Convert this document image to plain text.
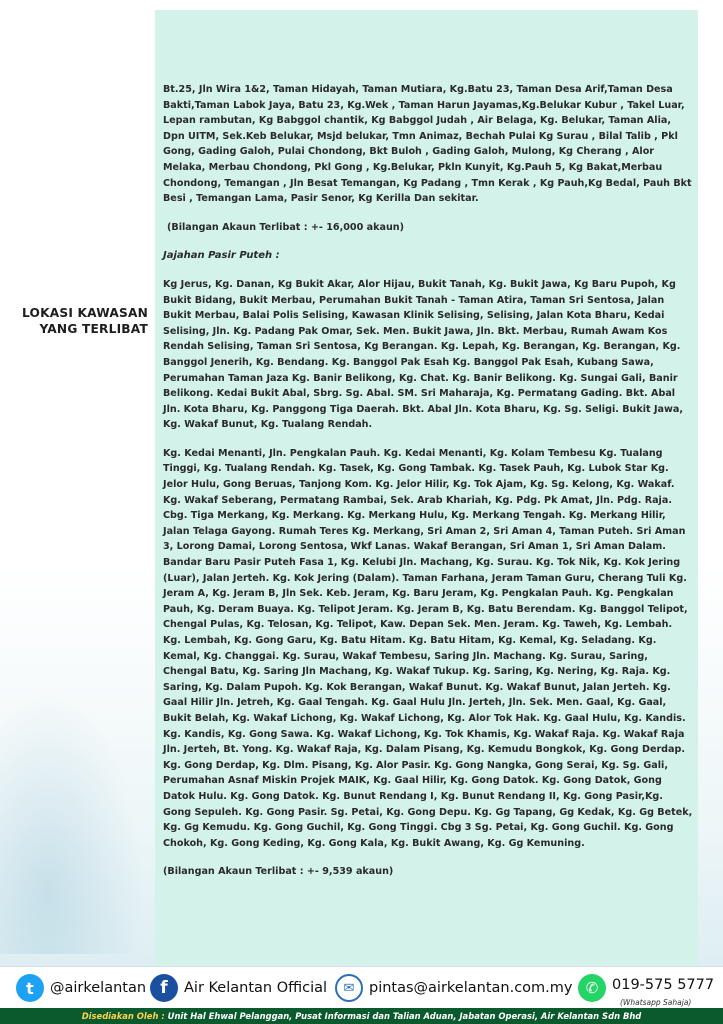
LOKASI KAWASAN
YANG TERLIBAT

Bt.25, Jln Wira 1&2, Taman Hidayah, Taman Mutiara, Kg.Batu 23, Taman Desa Arif,Taman Desa Bakti,Taman Labok Jaya, Batu 23, Kg.Wek , Taman Harun Jayamas,Kg.Belukar Kubur , Takel Luar, Lepan rambutan, Kg Babggol chantik, Kg Babggol Judah , Air Belaga, Kg. Belukar, Taman Alia, Dpn UITM, Sek.Keb Belukar, Msjd belukar, Tmn Animaz, Bechah Pulai Kg Surau , Bilal Talib , Pkl Gong, Gading Galoh, Pulai Chondong, Bkt Buloh , Gading Galoh, Mulong, Kg Cherang , Alor Melaka, Merbau Chondong, Pkl Gong , Kg.Belukar, Pkln Kunyit, Kg.Pauh 5, Kg Bakat,Merbau Chondong, Temangan , Jln Besat Temangan, Kg Padang , Tmn Kerak , Kg Pauh,Kg Bedal, Pauh Bkt Besi , Temangan Lama, Pasir Senor, Kg Kerilla Dan sekitar.

(Bilangan Akaun Terlibat : +- 16,000 akaun)

Jajahan Pasir Puteh :

Kg Jerus, Kg. Danan, Kg Bukit Akar, Alor Hijau, Bukit Tanah, Kg. Bukit Jawa, Kg Baru Pupoh, Kg Bukit Bidang, Bukit Merbau, Perumahan Bukit Tanah - Taman Atira, Taman Sri Sentosa, Jalan Bukit Merbau, Balai Polis Selising, Kawasan Klinik Selising, Selising, Jalan Kota Bharu, Kedai Selising, Jln. Kg. Padang Pak Omar, Sek. Men. Bukit Jawa, Jln. Bkt. Merbau, Rumah Awam Kos Rendah Selising, Taman Sri Sentosa, Kg Berangan. Kg. Lepah, Kg. Berangan, Kg. Berangan, Kg. Banggol Jenerih, Kg. Bendang. Kg. Banggol Pak Esah Kg. Banggol Pak Esah, Kubang Sawa, Perumahan Taman Jaza Kg. Banir Belikong, Kg. Chat. Kg. Banir Belikong. Kg. Sungai Gali, Banir Belikong. Kedai Bukit Abal, Sbrg. Sg. Abal. SM. Sri Maharaja, Kg. Permatang Gading. Bkt. Abal Jln. Kota Bharu, Kg. Panggong Tiga Daerah. Bkt. Abal Jln. Kota Bharu, Kg. Sg. Seligi. Bukit Jawa, Kg. Wakaf Bunut, Kg. Tualang Rendah.

Kg. Kedai Menanti, Jln. Pengkalan Pauh. Kg. Kedai Menanti, Kg. Kolam Tembesu Kg. Tualang Tinggi, Kg. Tualang Rendah. Kg. Tasek, Kg. Gong Tambak. Kg. Tasek Pauh, Kg. Lubok Star Kg. Jelor Hulu, Gong Beruas, Tanjong Kom. Kg. Jelor Hilir, Kg. Tok Ajam, Kg. Sg. Kelong, Kg. Wakaf. Kg. Wakaf Seberang, Permatang Rambai, Sek. Arab Khariah, Kg. Pdg. Pk Amat, Jln. Pdg. Raja. Cbg. Tiga Merkang, Kg. Merkang. Kg. Merkang Hulu, Kg. Merkang Tengah. Kg. Merkang Hilir, Jalan Telaga Gayong. Rumah Teres Kg. Merkang, Sri Aman 2, Sri Aman 4, Taman Puteh. Sri Aman 3, Lorong Damai, Lorong Sentosa, Wkf Lanas. Wakaf Berangan, Sri Aman 1, Sri Aman Dalam. Bandar Baru Pasir Puteh Fasa 1, Kg. Kelubi Jln. Machang, Kg. Surau. Kg. Tok Nik, Kg. Kok Jering (Luar), Jalan Jerteh. Kg. Kok Jering (Dalam). Taman Farhana, Jeram Taman Guru, Cherang Tuli Kg. Jeram A, Kg. Jeram B, Jln Sek. Keb. Jeram, Kg. Baru Jeram, Kg. Pengkalan Pauh. Kg. Pengkalan Pauh, Kg. Deram Buaya. Kg. Telipot Jeram. Kg. Jeram B, Kg. Batu Berendam. Kg. Banggol Telipot, Chengal Pulas, Kg. Telosan, Kg. Telipot, Kaw. Depan Sek. Men. Jeram. Kg. Taweh, Kg. Lembah. Kg. Lembah, Kg. Gong Garu, Kg. Batu Hitam. Kg. Batu Hitam, Kg. Kemal, Kg. Seladang. Kg. Kemal, Kg. Changgai. Kg. Surau, Wakaf Tembesu, Saring Jln. Machang. Kg. Surau, Saring, Chengal Batu, Kg. Saring Jln Machang, Kg. Wakaf Tukup. Kg. Saring, Kg. Nering, Kg. Raja. Kg. Saring, Kg. Dalam Pupoh. Kg. Kok Berangan, Wakaf Bunut. Kg. Wakaf Bunut, Jalan Jerteh. Kg. Gaal Hilir Jln. Jetreh, Kg. Gaal Tengah. Kg. Gaal Hulu Jln. Jerteh, Jln. Sek. Men. Gaal, Kg. Gaal, Bukit Belah, Kg. Wakaf Lichong, Kg. Wakaf Lichong, Kg. Alor Tok Hak. Kg. Gaal Hulu, Kg. Kandis. Kg. Kandis, Kg. Gong Sawa. Kg. Wakaf Lichong, Kg. Tok Khamis, Kg. Wakaf Raja. Kg. Wakaf Raja Jln. Jerteh, Bt. Yong. Kg. Wakaf Raja, Kg. Dalam Pisang, Kg. Kemudu Bongkok, Kg. Gong Derdap. Kg. Gong Derdap, Kg. Dlm. Pisang, Kg. Alor Pasir. Kg. Gong Nangka, Gong Serai, Kg. Sg. Gali, Perumahan Asnaf Miskin Projek MAIK, Kg. Gaal Hilir, Kg. Gong Datok. Kg. Gong Datok, Gong Datok Hulu. Kg. Gong Datok. Kg. Bunut Rendang I, Kg. Bunut Rendang II, Kg. Gong Pasir,Kg. Gong Sepuleh. Kg. Gong Pasir. Sg. Petai, Kg. Gong Depu. Kg. Gg Tapang, Gg Kedak, Kg. Gg Betek, Kg. Gg Kemudu. Kg. Gong Guchil, Kg. Gong Tinggi. Cbg 3 Sg. Petai, Kg. Gong Guchil. Kg. Gong Chokoh, Kg. Gong Keding, Kg. Gong Kala, Kg. Bukit Awang, Kg. Gg Kemuning.

(Bilangan Akaun Terlibat : +- 9,539 akaun)

t	@airkelantan f	Air Kelantan Official	✉	pintas@airkelantan.com.my ✆ 019-575 5777
(Whatsapp Sahaja)
Disediakan Oleh : Unit Hal Ehwal Pelanggan, Pusat Informasi dan Talian Aduan, Jabatan Operasi, Air Kelantan Sdn Bhd
